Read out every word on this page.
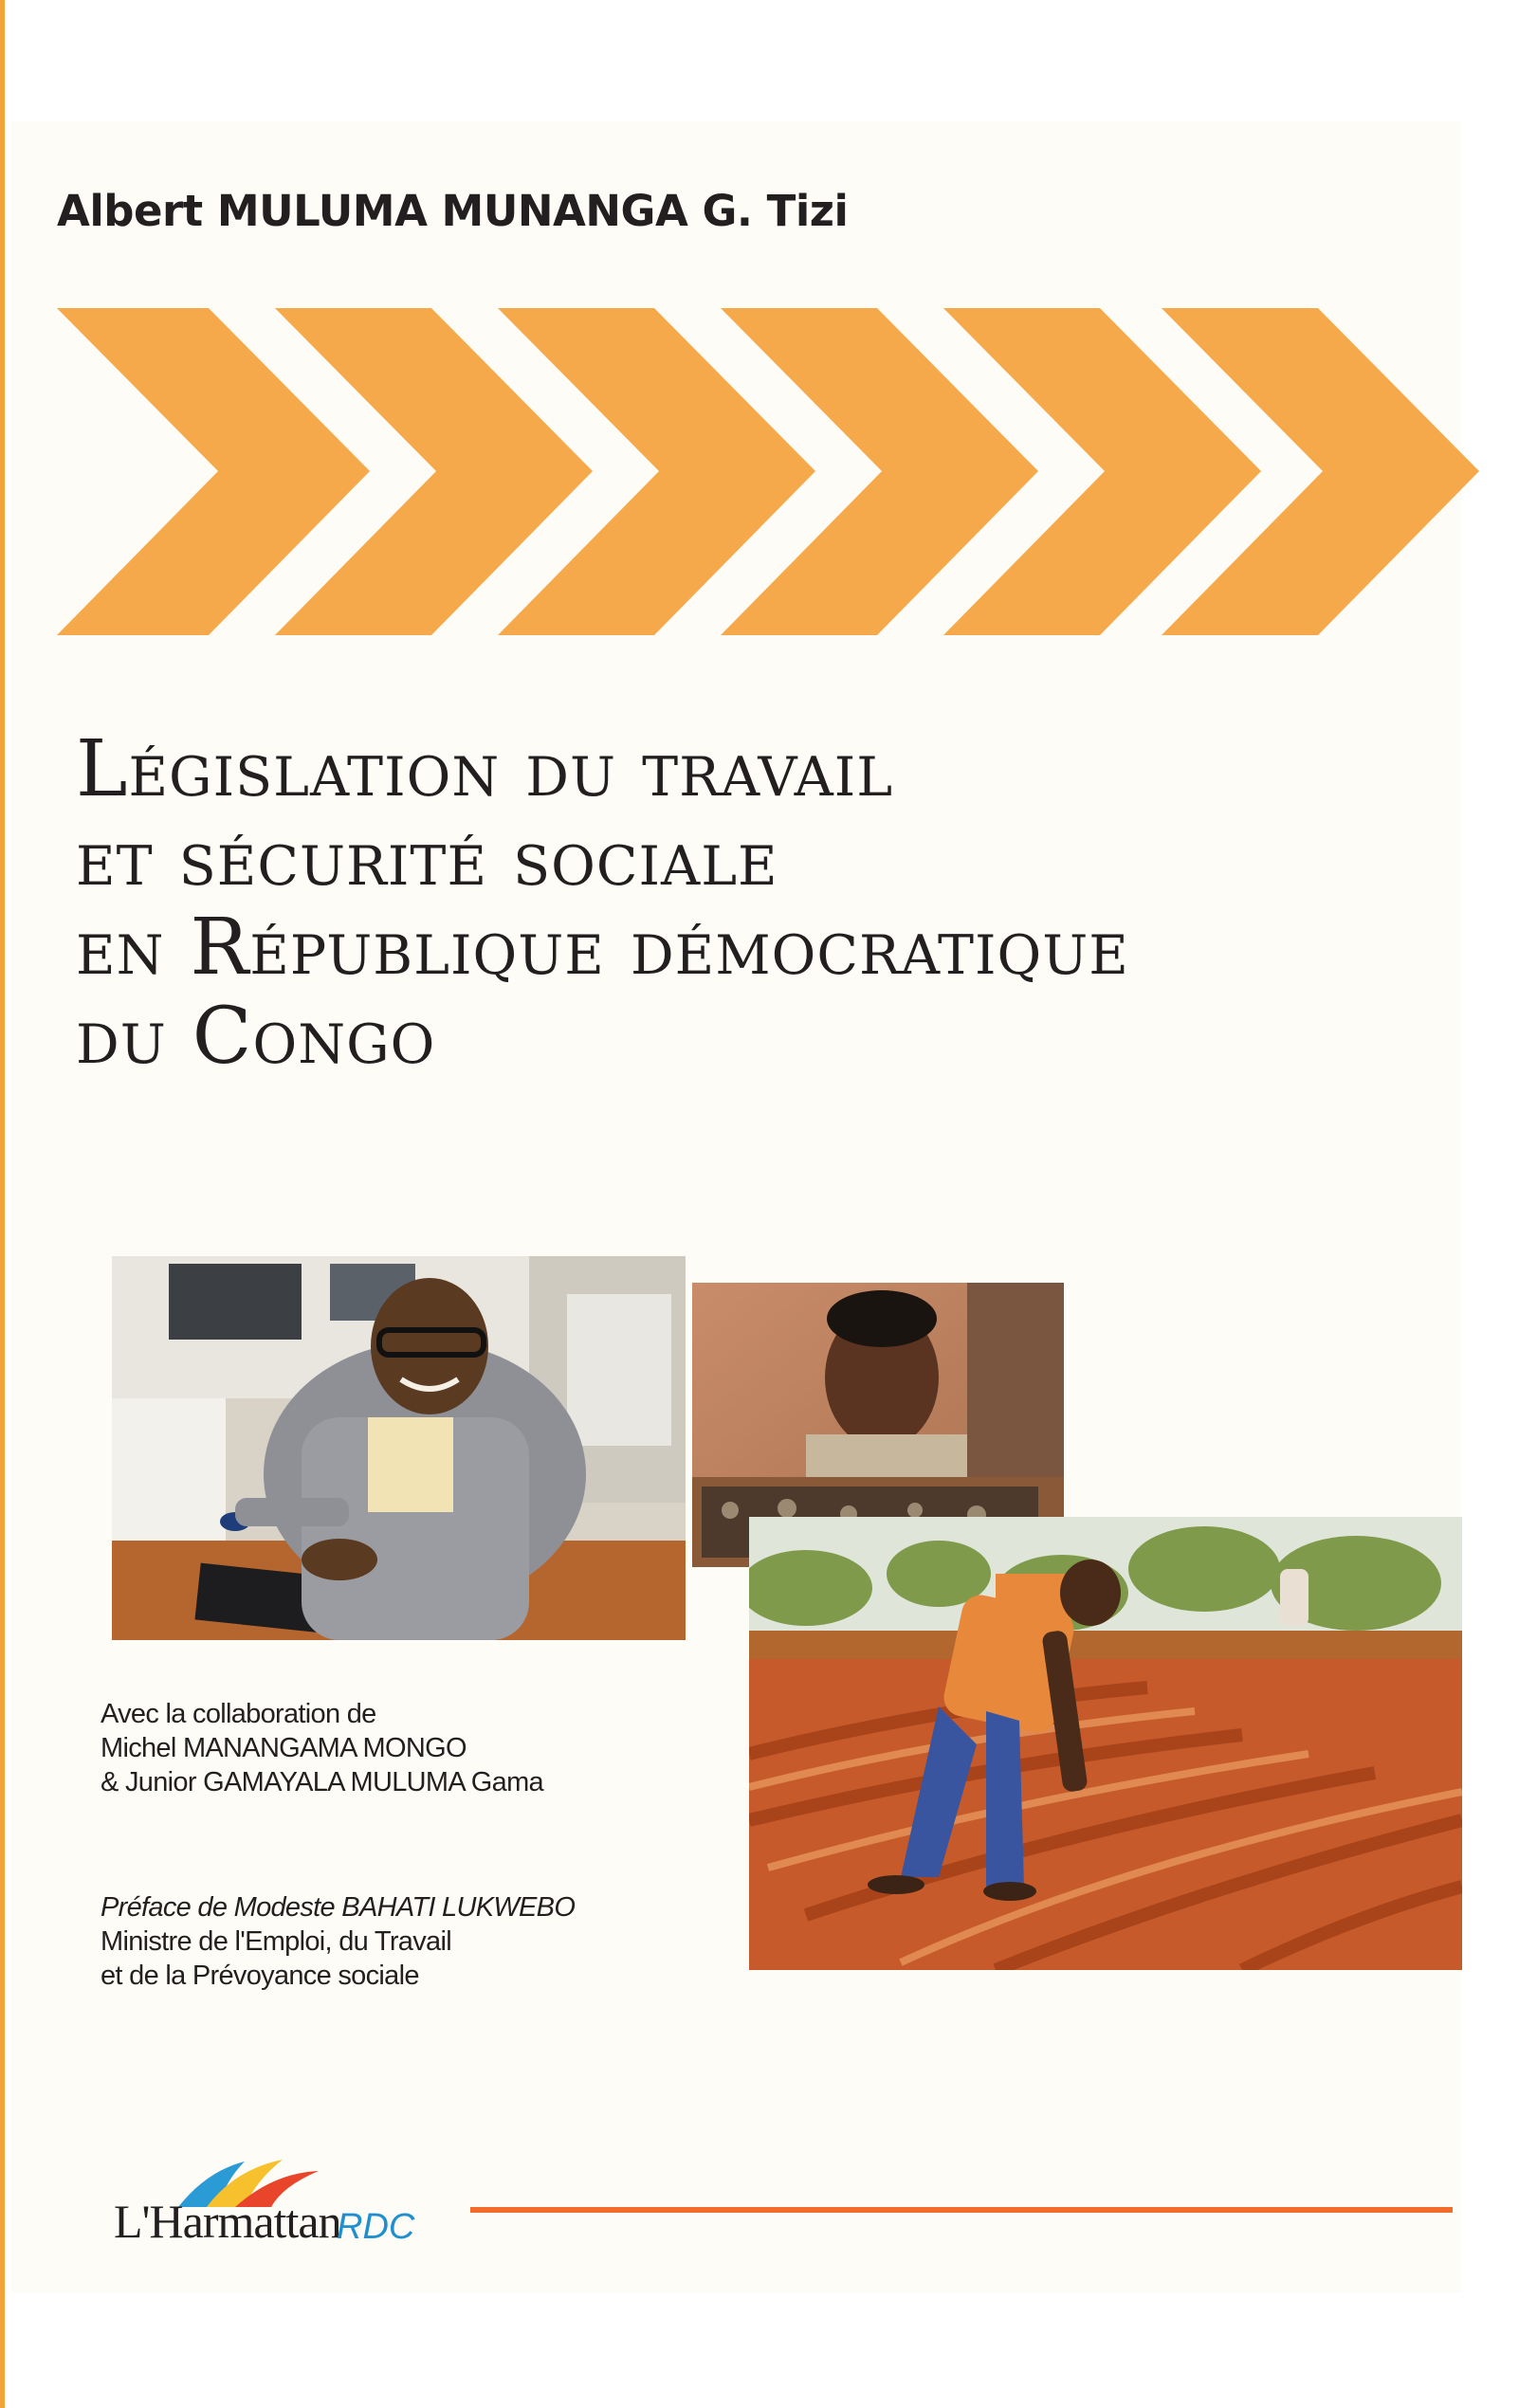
Albert MULUMA MUNANGA G. Tizi
Législation du travail
et sécurité sociale
en République démocratique
du Congo
Avec la collaboration de
Michel MANANGAMA MONGO
& Junior GAMAYALA MULUMA Gama
Préface de Modeste BAHATI LUKWEBO
Ministre de l'Emploi, du Travail
et de la Prévoyance sociale
L'Harmattan
RDC
